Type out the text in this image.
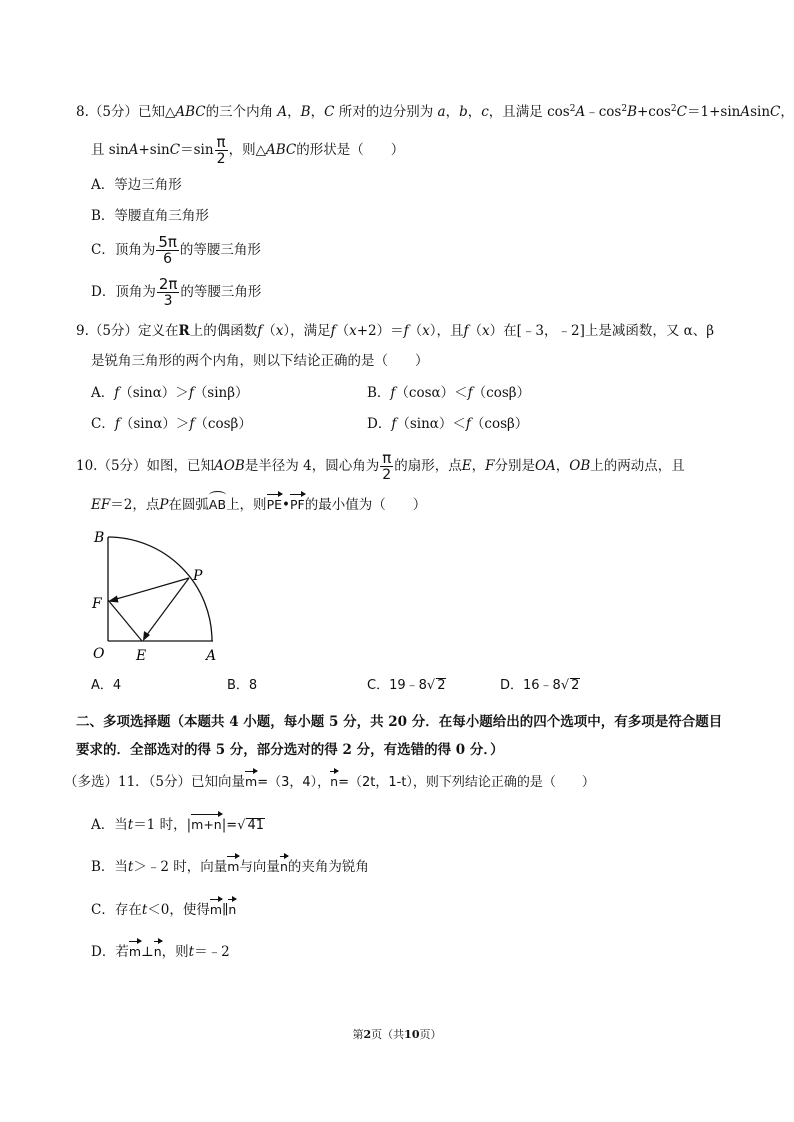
8.（5分）已知△ABC的三个内角 A，B，C 所对的边分别为 a，b，c，且满足 $\cos^2A﹣\cos^2B+\cos^2C=1+sinAsinC$，
且 $\sin A+\sin C=\sin \frac{\pi}{2}$ ，则△ABC的形状是（　　）
A．等边三角形
B．等腰直角三角形
C．顶角为 $\frac{5\pi}{6}$ 的等腰三角形
D．顶角为 $\frac{2\pi}{3}$ 的等腰三角形
9.（5分）定义在R上的偶函数f（x），满足f（x+2）＝f（x），且f（x）在[﹣3，﹣2]上是减函数，又 α、β
是锐角三角形的两个内角，则以下结论正确的是（　　）
A．f（sinα）＞f（sinβ）	B．f（cosα）＜f（cosβ）
C．f（sinα）＞f（cosβ）	D．f（sinα）＜f（cosβ）
10.（5分）如图，已知AOB是半径为 4，圆心角为 $\frac{\pi}{2}$ 的扇形，点E，F分别是OA，OB上的两动点，且
EF＝2，点P在圆弧AB上，则PE•PF的最小值为（　　）
B
P
F
O E	A
A．4	B．8	C．19﹣8√ 2	D．16﹣8√ 2
二、多项选择题（本题共 4 小题，每小题 5 分，共 20 分．在每小题给出的四个选项中，有多项是符合题目
要求的．全部选对的得 5 分，部分选对的得 2 分，有选错的得 0 分．）
（多选）11．（5分）已知向量m=（3，4），n=（2t，1-t），则下列结论正确的是（　　）
A．当t＝1 时，|m+n|=√ 41
B．当t＞﹣2 时，向量m与向量n的夹角为锐角
C．存在t＜0，使得m∥n
D．若m⊥n，则t＝﹣2
第2页（共10页）
